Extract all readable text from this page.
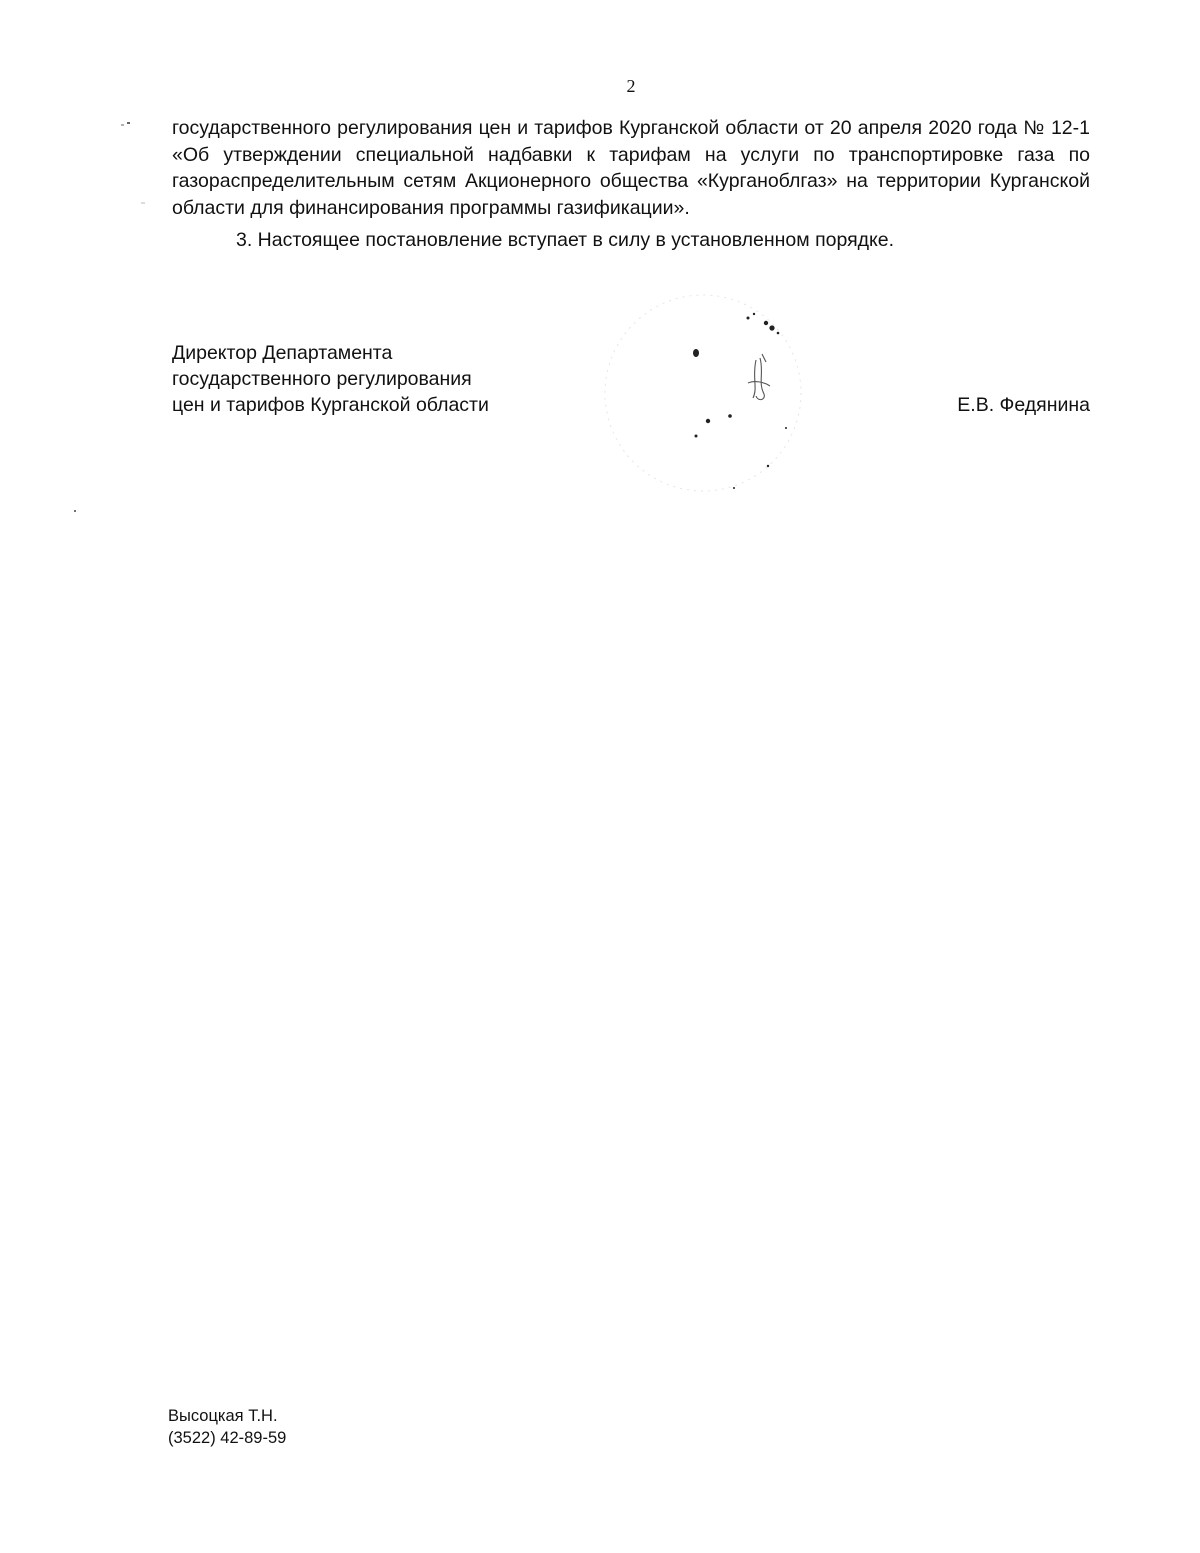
2

государственного регулирования цен и тарифов Курганской области от 20 апреля 2020 года № 12-1 «Об утверждении специальной надбавки к тарифам на услуги по транспортировке газа по газораспределительным сетям Акционерного общества «Курганоблгаз» на территории Курганской области для финансирования программы газификации».

3. Настоящее постановление вступает в силу в установленном порядке.

Директор Департамента
государственного регулирования
цен и тарифов Курганской области	Е.В. Федянина
Высоцкая Т.Н.
(3522) 42-89-59
